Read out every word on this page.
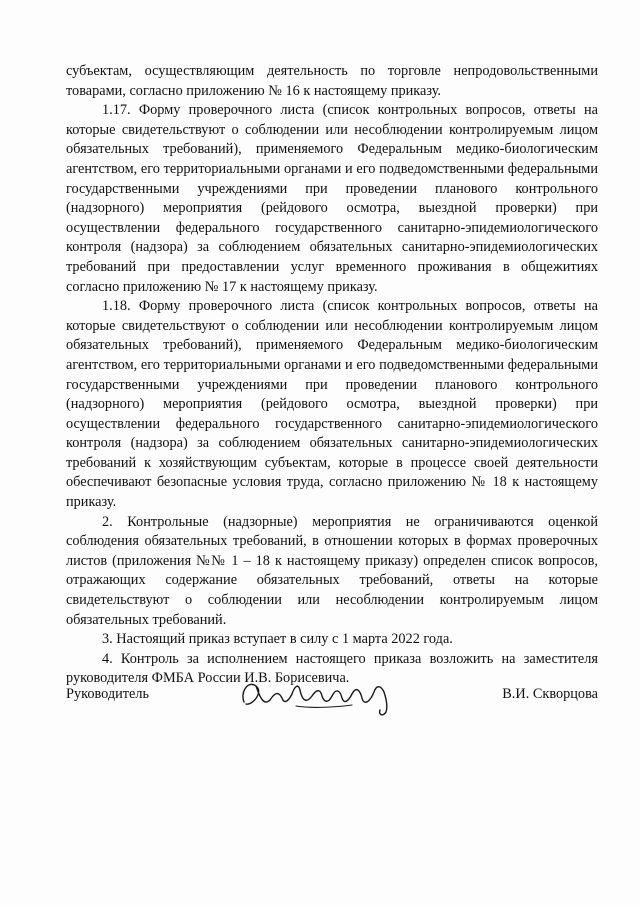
субъектам, осуществляющим деятельность по торговле непродовольственными товарами, согласно приложению № 16 к настоящему приказу.

1.17. Форму проверочного листа (список контрольных вопросов, ответы на которые свидетельствуют о соблюдении или несоблюдении контролируемым лицом обязательных требований), применяемого Федеральным медико-биологическим агентством, его территориальными органами и его подведомственными федеральными государственными учреждениями при проведении планового контрольного (надзорного) мероприятия (рейдового осмотра, выездной проверки) при осуществлении федерального государственного санитарно-эпидемиологического контроля (надзора) за соблюдением обязательных санитарно-эпидемиологических требований при предоставлении услуг временного проживания в общежитиях согласно приложению № 17 к настоящему приказу.

1.18. Форму проверочного листа (список контрольных вопросов, ответы на которые свидетельствуют о соблюдении или несоблюдении контролируемым лицом обязательных требований), применяемого Федеральным медико-биологическим агентством, его территориальными органами и его подведомственными федеральными государственными учреждениями при проведении планового контрольного (надзорного) мероприятия (рейдового осмотра, выездной проверки) при осуществлении федерального государственного санитарно-эпидемиологического контроля (надзора) за соблюдением обязательных санитарно-эпидемиологических требований к хозяйствующим субъектам, которые в процессе своей деятельности обеспечивают безопасные условия труда, согласно приложению № 18 к настоящему приказу.

2. Контрольные (надзорные) мероприятия не ограничиваются оценкой соблюдения обязательных требований, в отношении которых в формах проверочных листов (приложения №№ 1 – 18 к настоящему приказу) определен список вопросов, отражающих содержание обязательных требований, ответы на которые свидетельствуют о соблюдении или несоблюдении контролируемым лицом обязательных требований.

3. Настоящий приказ вступает в силу с 1 марта 2022 года.

4. Контроль за исполнением настоящего приказа возложить на заместителя руководителя ФМБА России И.В. Борисевича.

Руководитель	В.И. Скворцова
